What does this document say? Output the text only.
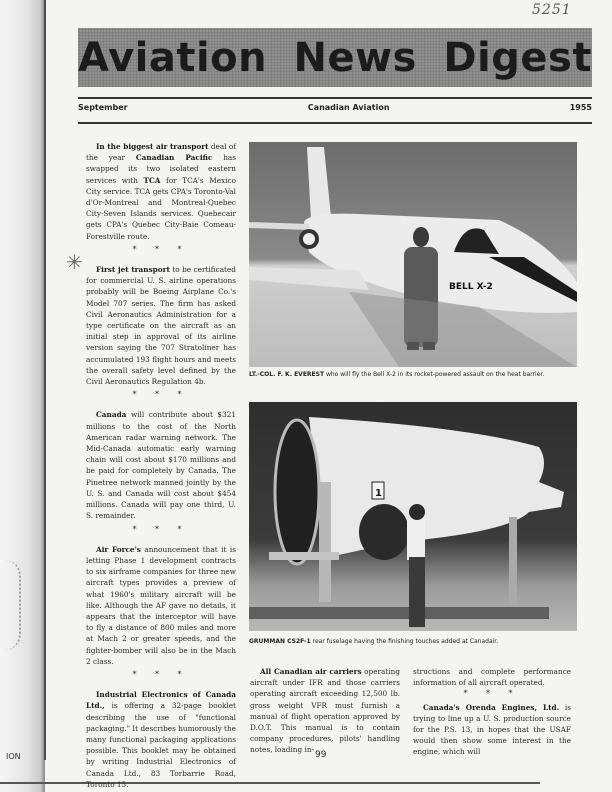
✳
5251
Aviation News Digest
September	Canadian Aviation	1955

In the biggest air transport deal of the year Canadian Pacific has swapped its two isolated eastern services with TCA for TCA's Mexico City service. TCA gets CPA's Toronto-Val d'Or-Montreal and Montreal-Quebec City-Seven Islands services. Quebecair gets CPA's Quebec City-Baie Comeau-Forestville route.

* * *

First jet transport to be certificated for commercial U. S. airline operations probably will be Boeing Airplane Co.'s Model 707 series. The firm has asked Civil Aeronautics Administration for a type certificate on the aircraft as an initial step in approval of its airline version saying the 707 Stratoliner has accumulated 193 flight hours and meets the overall safety level defined by the Civil Aeronautics Regulation 4b.

* * *

Canada will contribute about $321 millions to the cost of the North American radar warning network. The Mid-Canada automatic early warning chain will cost about $170 millions and be paid for completely by Canada. The Pinetree network manned jointly by the U. S. and Canada will cost about $454 millions. Canada will pay one third, U. S. remainder.

* * *

Air Force's announcement that it is letting Phase 1 development contracts to six airframe companies for three new aircraft types provides a preview of what 1960's military aircraft will be like. Although the AF gave no details, it appears that the interceptor will have to fly a distance of 800 miles and more at Mach 2 or greater speeds, and the fighter-bomber will also be in the Mach 2 class.

* * *

Industrial Electronics of Canada Ltd., is offering a 32-page booklet describing the use of "functional packaging." It describes humorously the many functional packaging applications possible. This booklet may be obtained by writing Industrial Electronics of Canada Ltd., 83 Torbarrie Road, Toronto 15.

BELL X-2
LT.-COL. F. K. EVEREST who will fly the Bell X-2 in its rocket-powered assault on the heat barrier.
1
GRUMMAN CS2F-1 rear fuselage having the finishing touches added at Canadair.

All Canadian air carriers operating aircraft under IFR and those carriers operating aircraft exceeding 12,500 lb. gross weight VFR must furnish a manual of flight operation approved by D.O.T. This manual is to contain company procedures, pilots' handling notes, loading in-

structions and complete performance information of all aircraft operated.

* * *

Canada's Orenda Engines, Ltd. is trying to line up a U. S. production source for the P.S. 13, in hopes that the USAF would then show some interest in the engine, which will

99
ION
